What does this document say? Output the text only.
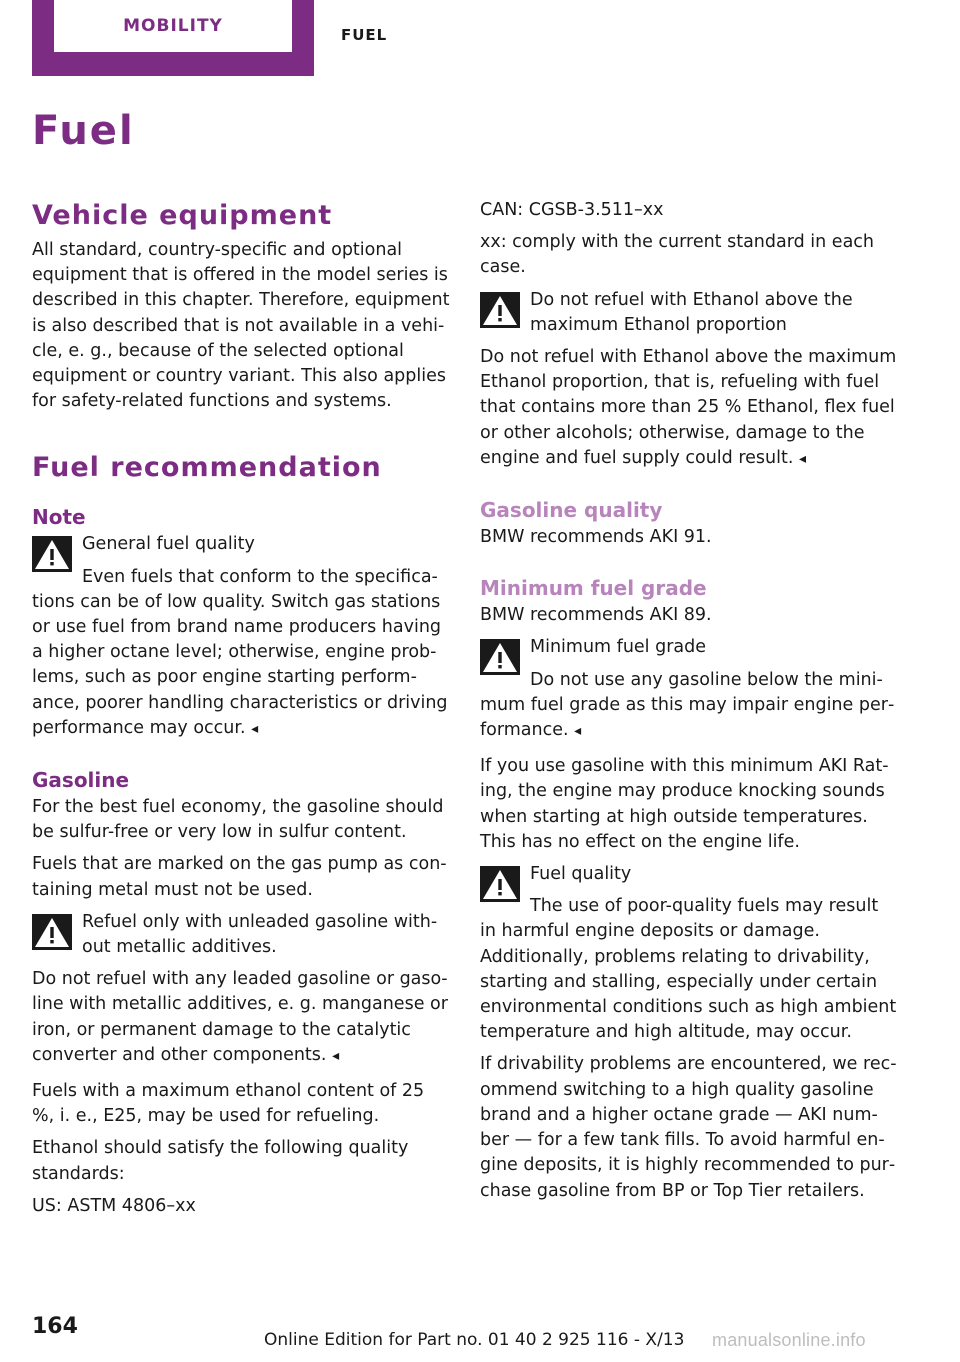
MOBILITY	FUEL
Fuel
Vehicle equipment

All standard, country-specific and optional equipment that is offered in the model series is described in this chapter. Therefore, equipment is also described that is not available in a vehicle, e. g., because of the selected optional equipment or country variant. This also applies for safety-related functions and systems.

Fuel recommendation
Note

General fuel quality

Even fuels that conform to the specifications can be of low quality. Switch gas stations or use fuel from brand name producers having a higher octane level; otherwise, engine problems, such as poor engine starting performance, poorer handling characteristics or driving performance may occur. ◂

Gasoline

For the best fuel economy, the gasoline should be sulfur-free or very low in sulfur content.

Fuels that are marked on the gas pump as containing metal must not be used.

Refuel only with unleaded gasoline without metallic additives.

Do not refuel with any leaded gasoline or gasoline with metallic additives, e. g. manganese or iron, or permanent damage to the catalytic converter and other components. ◂

Fuels with a maximum ethanol content of 25 %, i. e., E25, may be used for refueling.

Ethanol should satisfy the following quality standards:

US: ASTM 4806–xx

CAN: CGSB-3.511–xx

xx: comply with the current standard in each case.

Do not refuel with Ethanol above the maximum Ethanol proportion

Do not refuel with Ethanol above the maximum Ethanol proportion, that is, refueling with fuel that contains more than 25 % Ethanol, flex fuel or other alcohols; otherwise, damage to the engine and fuel supply could result. ◂

Gasoline quality

BMW recommends AKI 91.

Minimum fuel grade

BMW recommends AKI 89.

Minimum fuel grade

Do not use any gasoline below the minimum fuel grade as this may impair engine performance. ◂

If you use gasoline with this minimum AKI Rating, the engine may produce knocking sounds when starting at high outside temperatures. This has no effect on the engine life.

Fuel quality

The use of poor-quality fuels may result in harmful engine deposits or damage. Additionally, problems relating to drivability, starting and stalling, especially under certain environmental conditions such as high ambient temperature and high altitude, may occur.

If drivability problems are encountered, we recommend switching to a high quality gasoline brand and a higher octane grade — AKI number — for a few tank fills. To avoid harmful engine deposits, it is highly recommended to purchase gasoline from BP or Top Tier retailers.

164
Online Edition for Part no. 01 40 2 925 116 - X/13 manualsonline.info
